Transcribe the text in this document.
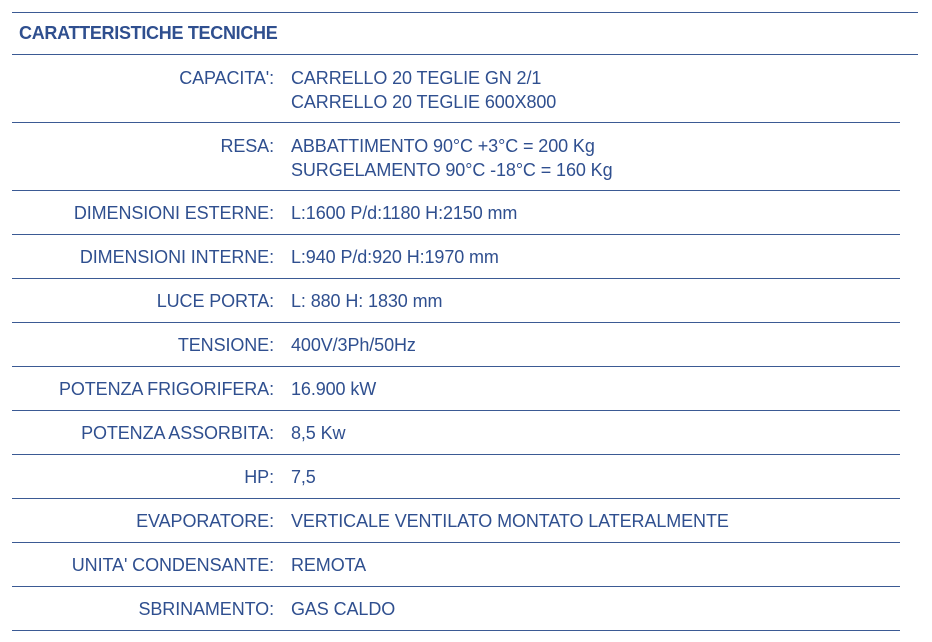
CARATTERISTICHE TECNICHE
CAPACITA': CARRELLO 20 TEGLIE GN 2/1
CARRELLO 20 TEGLIE 600X800
RESA: ABBATTIMENTO 90°C +3°C = 200 Kg
SURGELAMENTO 90°C -18°C = 160 Kg
DIMENSIONI ESTERNE: L:1600 P/d:1180 H:2150 mm
DIMENSIONI INTERNE: L:940 P/d:920 H:1970 mm
LUCE PORTA: L: 880 H: 1830 mm
TENSIONE: 400V/3Ph/50Hz
POTENZA FRIGORIFERA: 16.900 kW
POTENZA ASSORBITA: 8,5 Kw
HP: 7,5
EVAPORATORE: VERTICALE VENTILATO MONTATO LATERALMENTE
UNITA' CONDENSANTE: REMOTA
SBRINAMENTO: GAS CALDO
